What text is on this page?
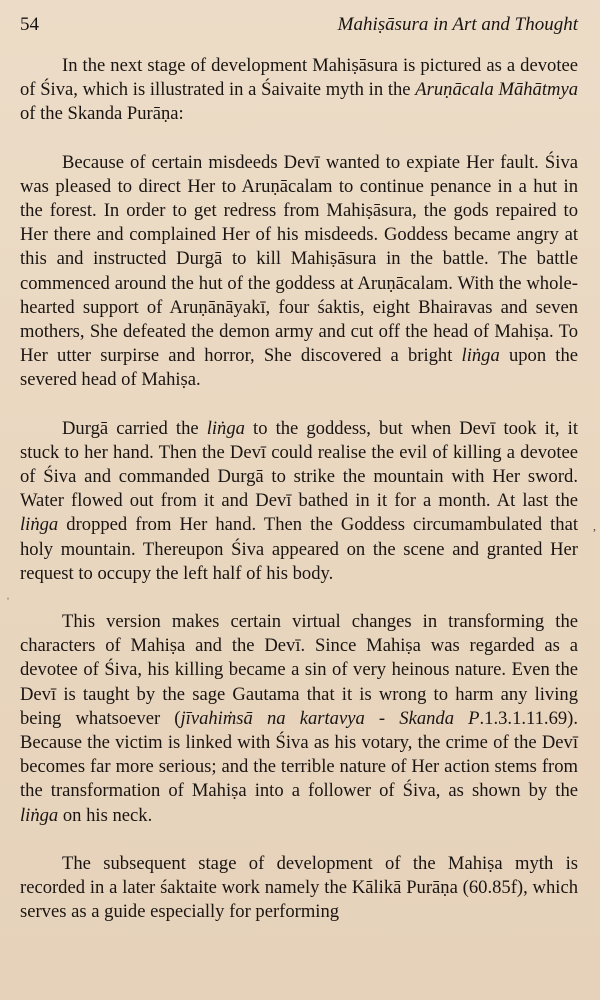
54	Mahiṣāsura in Art and Thought

In the next stage of development Mahiṣāsura is pictured as a devotee of Śiva, which is illustrated in a Śaivaite myth in the Aruṇācala Māhātmya of the Skanda Purāṇa:

Because of certain misdeeds Devī wanted to expiate Her fault. Śiva was pleased to direct Her to Aruṇācalam to continue penance in a hut in the forest. In order to get redress from Mahiṣāsura, the gods repaired to Her there and complained Her of his misdeeds. Goddess became angry at this and instructed Durgā to kill Mahiṣāsura in the battle. The battle commenced around the hut of the goddess at Aruṇācalam. With the whole-hearted support of Aruṇānāyakī, four śaktis, eight Bhairavas and seven mothers, She defeated the demon army and cut off the head of Mahiṣa. To Her utter surpirse and horror, She discovered a bright liṅga upon the severed head of Mahiṣa.

Durgā carried the liṅga to the goddess, but when Devī took it, it stuck to her hand. Then the Devī could realise the evil of killing a devotee of Śiva and commanded Durgā to strike the mountain with Her sword. Water flowed out from it and Devī bathed in it for a month. At last the liṅga dropped from Her hand. Then the Goddess circumambulated that holy mountain. Thereupon Śiva appeared on the scene and granted Her request to occupy the left half of his body.

This version makes certain virtual changes in transforming the characters of Mahiṣa and the Devī. Since Mahiṣa was regarded as a devotee of Śiva, his killing became a sin of very heinous nature. Even the Devī is taught by the sage Gautama that it is wrong to harm any living being whatsoever (jīvahiṁsā na kartavya - Skanda P.1.3.1.11.69). Because the victim is linked with Śiva as his votary, the crime of the Devī becomes far more serious; and the terrible nature of Her action stems from the transformation of Mahiṣa into a follower of Śiva, as shown by the liṅga on his neck.

The subsequent stage of development of the Mahiṣa myth is recorded in a later śaktaite work namely the Kālikā Purāṇa (60.85f), which serves as a guide especially for performing

,
ˈ
